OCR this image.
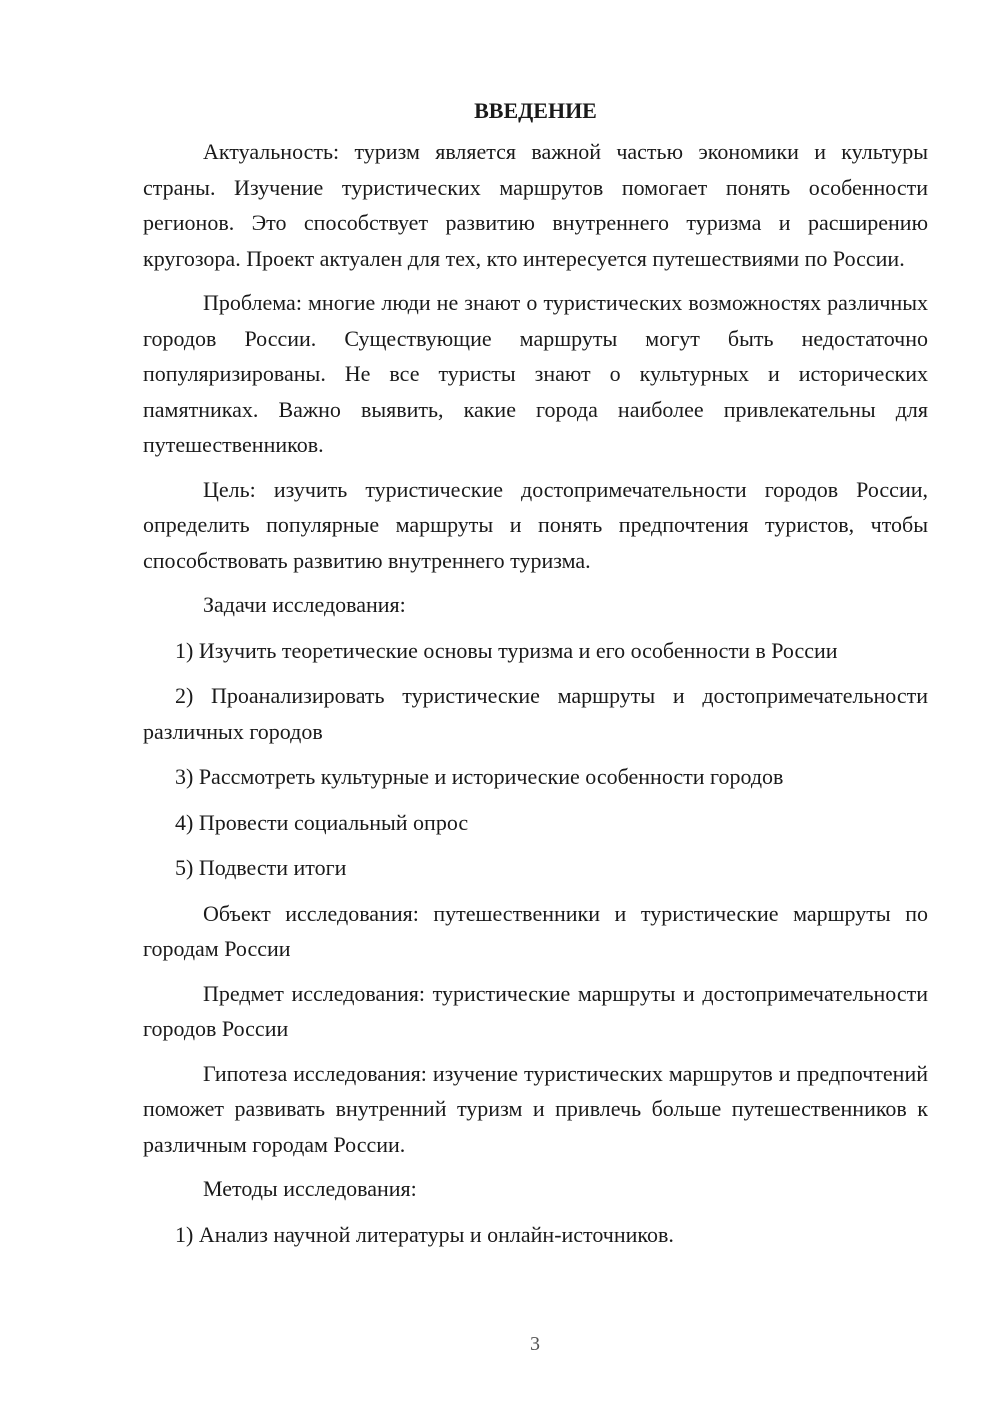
ВВЕДЕНИЕ

Актуальность: туризм является важной частью экономики и культуры страны. Изучение туристических маршрутов помогает понять особенности регионов. Это способствует развитию внутреннего туризма и расширению кругозора. Проект актуален для тех, кто интересуется путешествиями по России.

Проблема: многие люди не знают о туристических возможностях различных городов России. Существующие маршруты могут быть недостаточно популяризированы. Не все туристы знают о культурных и исторических памятниках. Важно выявить, какие города наиболее привлекательны для путешественников.

Цель: изучить туристические достопримечательности городов России, определить популярные маршруты и понять предпочтения туристов, чтобы способствовать развитию внутреннего туризма.

Задачи исследования:

1) Изучить теоретические основы туризма и его особенности в России

2) Проанализировать туристические маршруты и достопримечательности различных городов

3) Рассмотреть культурные и исторические особенности городов

4) Провести социальный опрос

5) Подвести итоги

Объект исследования: путешественники и туристические маршруты по городам России

Предмет исследования: туристические маршруты и достопримечательности городов России

Гипотеза исследования: изучение туристических маршрутов и предпочтений поможет развивать внутренний туризм и привлечь больше путешественников к различным городам России.

Методы исследования:

1) Анализ научной литературы и онлайн-источников.

3
